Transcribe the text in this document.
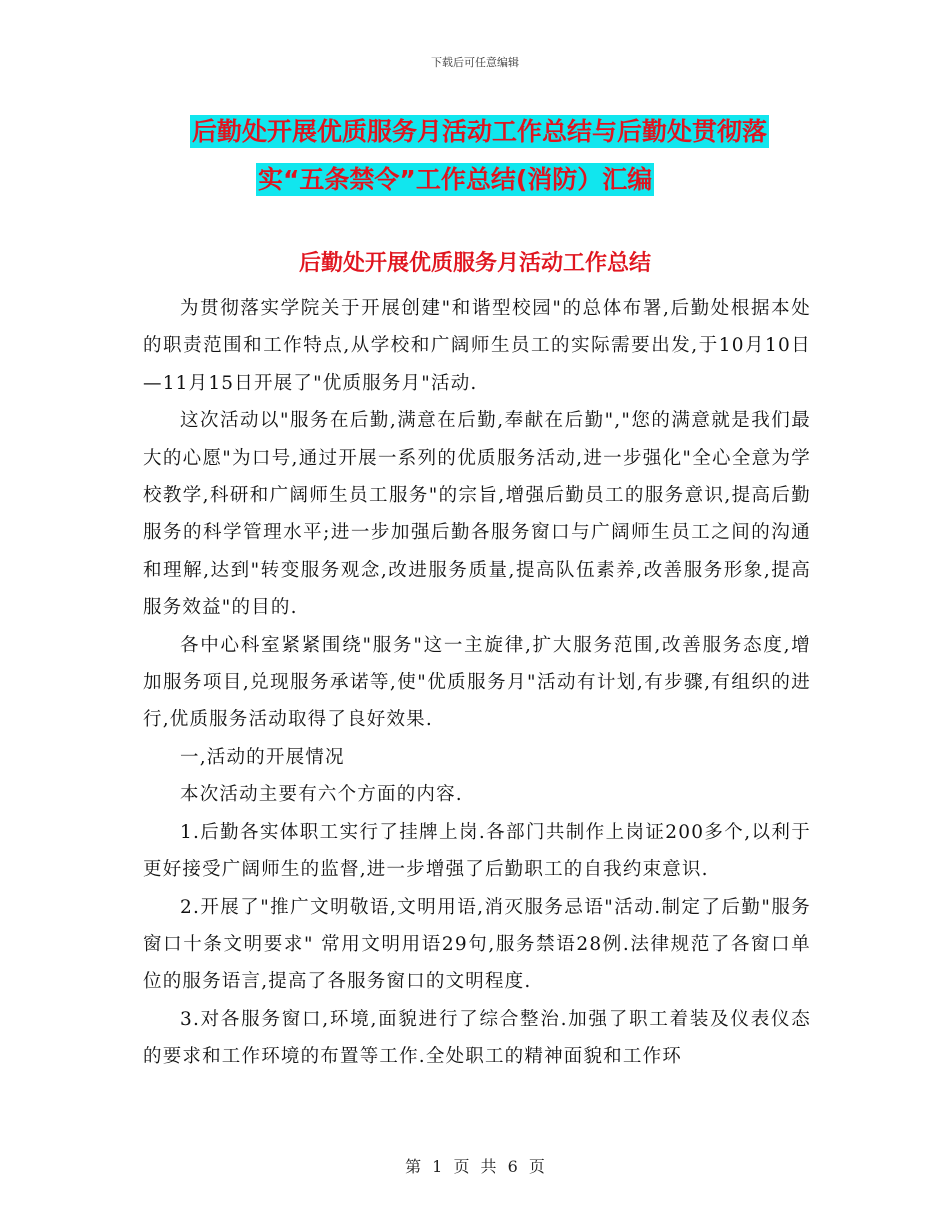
下载后可任意编辑
后勤处开展优质服务月活动工作总结与后勤处贯彻落
实“五条禁令”工作总结(消防）汇编
后勤处开展优质服务月活动工作总结

为贯彻落实学院关于开展创建"和谐型校园"的总体布署,后勤处根据本处的职责范围和工作特点,从学校和广阔师生员工的实际需要出发,于10月10日—11月15日开展了"优质服务月"活动.

这次活动以"服务在后勤,满意在后勤,奉献在后勤","您的满意就是我们最大的心愿"为口号,通过开展一系列的优质服务活动,进一步强化"全心全意为学校教学,科研和广阔师生员工服务"的宗旨,增强后勤员工的服务意识,提高后勤服务的科学管理水平;进一步加强后勤各服务窗口与广阔师生员工之间的沟通和理解,达到"转变服务观念,改进服务质量,提高队伍素养,改善服务形象,提高服务效益"的目的.

各中心科室紧紧围绕"服务"这一主旋律,扩大服务范围,改善服务态度,增加服务项目,兑现服务承诺等,使"优质服务月"活动有计划,有步骤,有组织的进行,优质服务活动取得了良好效果.

一,活动的开展情况

本次活动主要有六个方面的内容.

1.后勤各实体职工实行了挂牌上岗.各部门共制作上岗证200多个,以利于更好接受广阔师生的监督,进一步增强了后勤职工的自我约束意识.

2.开展了"推广文明敬语,文明用语,消灭服务忌语"活动.制定了后勤"服务窗口十条文明要求" 常用文明用语29句,服务禁语28例.法律规范了各窗口单位的服务语言,提高了各服务窗口的文明程度.

3.对各服务窗口,环境,面貌进行了综合整治.加强了职工着装及仪表仪态的要求和工作环境的布置等工作.全处职工的精神面貌和工作环

第 1 页 共 6 页
